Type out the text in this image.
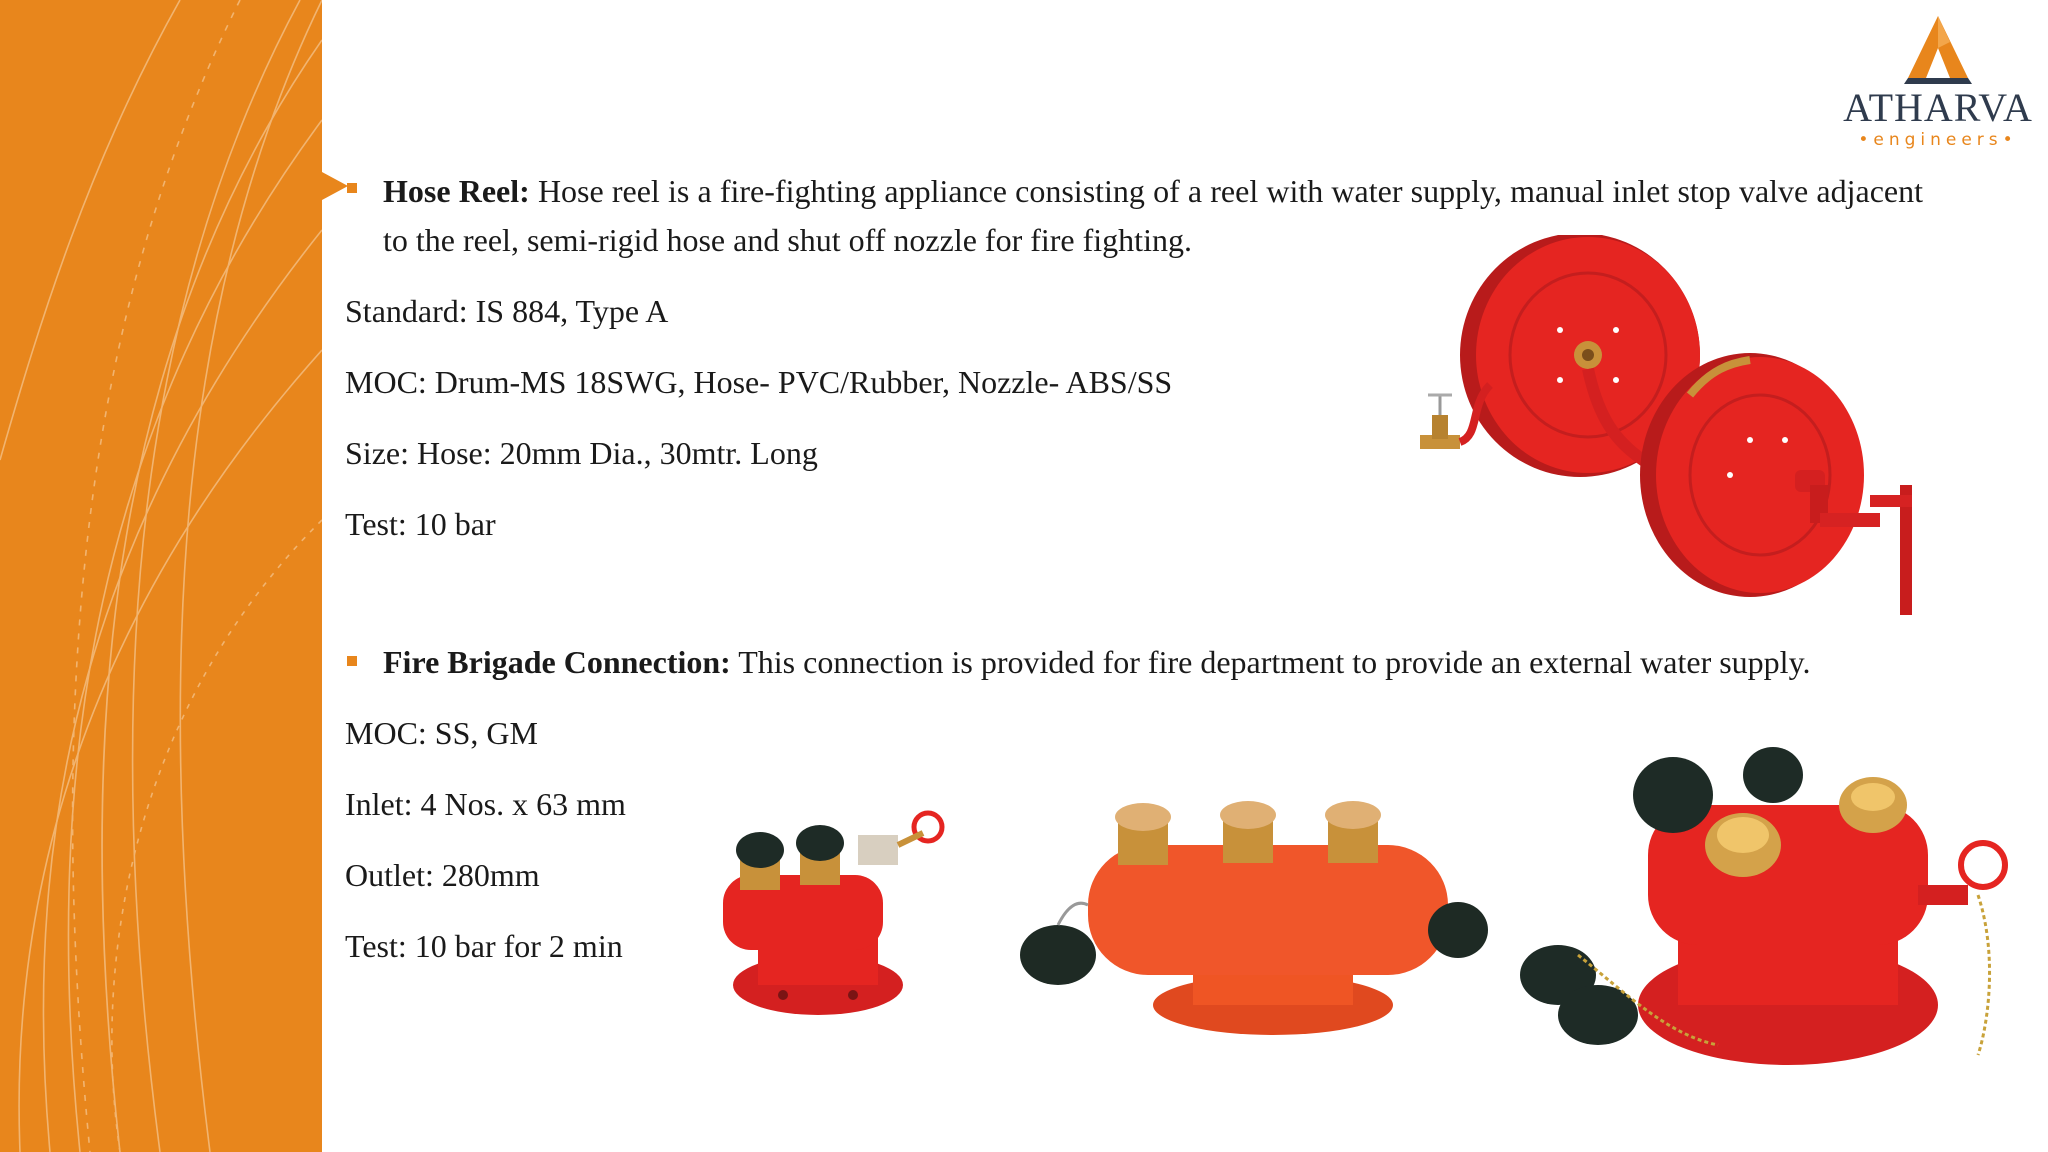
ATHARVA
•engineers•
Hose Reel: Hose reel is a fire-fighting appliance consisting of a reel with water supply, manual inlet stop valve adjacent to the reel, semi-rigid hose and shut off nozzle for fire fighting.
Standard: IS 884, Type A
MOC: Drum-MS 18SWG, Hose- PVC/Rubber, Nozzle- ABS/SS
Size: Hose: 20mm Dia., 30mtr. Long
Test: 10 bar
Fire Brigade Connection: This connection is provided for fire department to provide an external water supply.
MOC: SS, GM
Inlet: 4 Nos. x 63 mm
Outlet: 280mm
Test: 10 bar for 2 min
